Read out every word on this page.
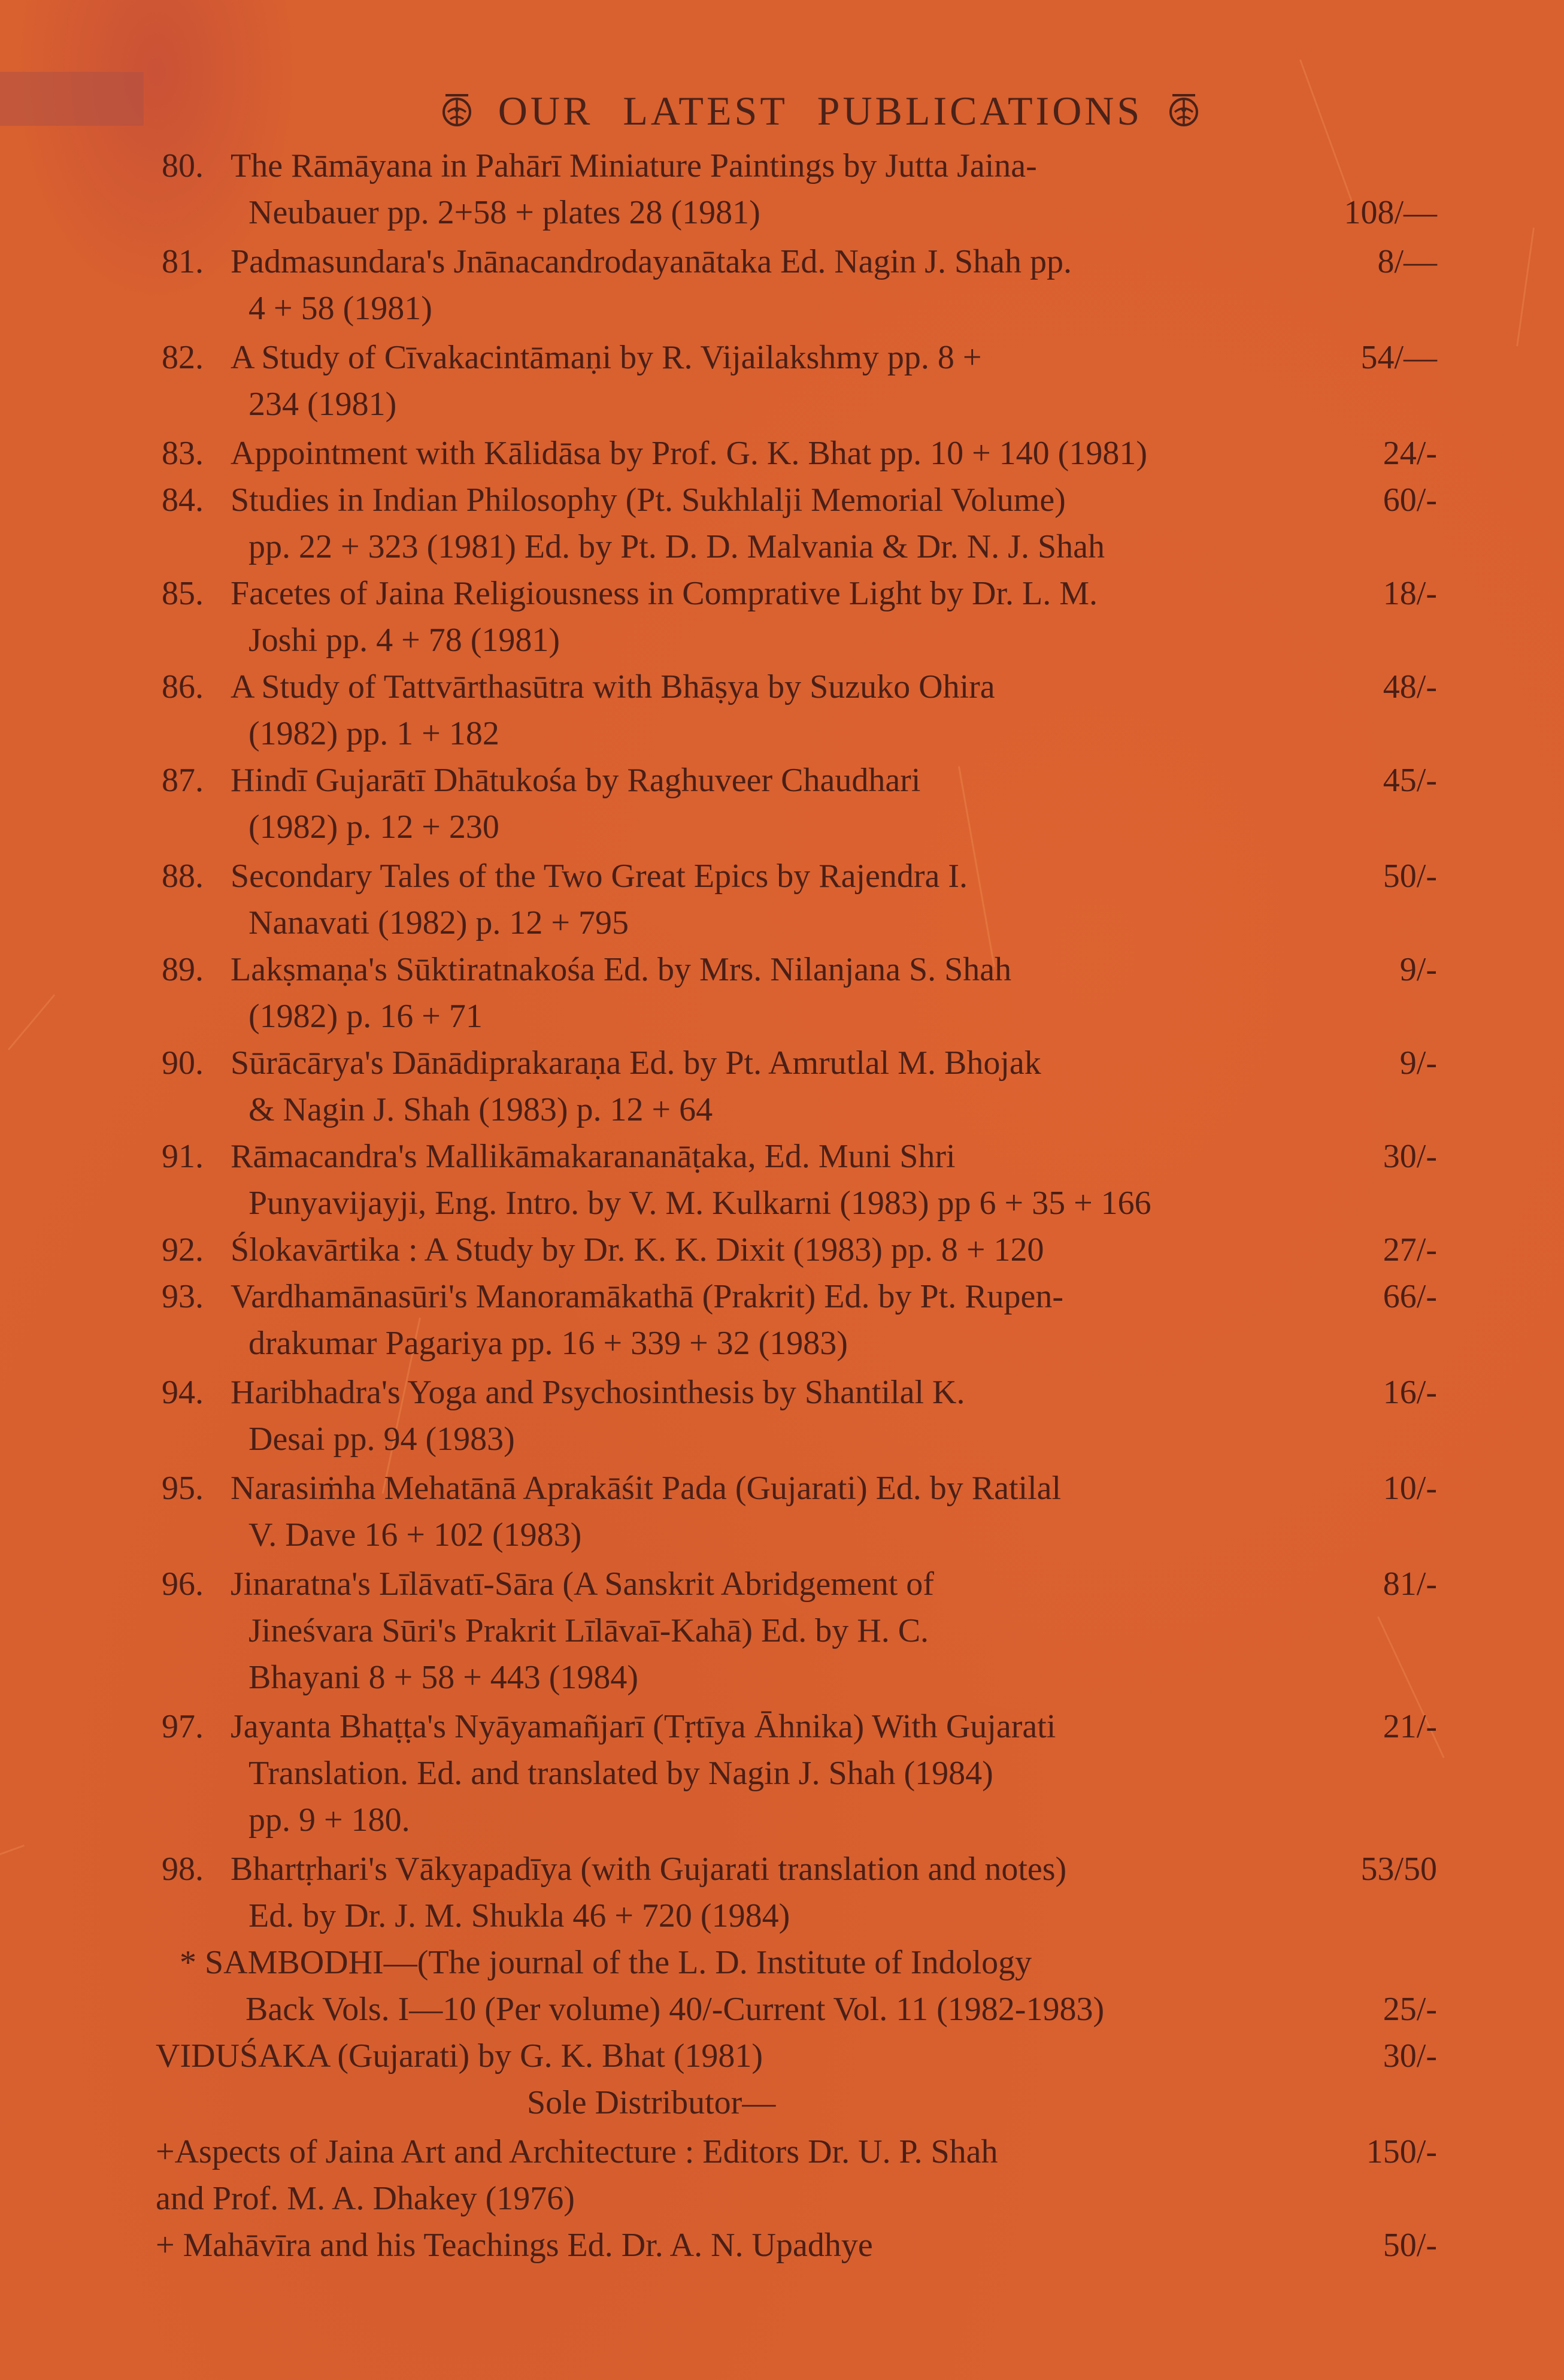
OUR LATEST PUBLICATIONS
80. The Rāmāyana in Pahārī Miniature Paintings by Jutta Jaina-
Neubauer pp. 2+58 + plates 28 (1981)	108/—
81. Padmasundara's Jnānacandrodayanātaka Ed. Nagin J. Shah pp.	8/—
4 + 58 (1981)
82. A Study of Cīvakacintāmaṇi by R. Vijailakshmy pp. 8 +	54/—
234 (1981)
83. Appointment with Kālidāsa by Prof. G. K. Bhat pp. 10 + 140 (1981)	24/-
84. Studies in Indian Philosophy (Pt. Sukhlalji Memorial Volume)	60/-
pp. 22 + 323 (1981) Ed. by Pt. D. D. Malvania & Dr. N. J. Shah
85. Facetes of Jaina Religiousness in Comprative Light by Dr. L. M.	18/-
Joshi pp. 4 + 78 (1981)
86. A Study of Tattvārthasūtra with Bhāṣya by Suzuko Ohira	48/-
(1982) pp. 1 + 182
87. Hindī Gujarātī Dhātukośa by Raghuveer Chaudhari	45/-
(1982) p. 12 + 230
88. Secondary Tales of the Two Great Epics by Rajendra I.	50/-
Nanavati (1982) p. 12 + 795
89. Lakṣmaṇa's Sūktiratnakośa Ed. by Mrs. Nilanjana S. Shah	9/-
(1982) p. 16 + 71
90. Sūrācārya's Dānādiprakaraṇa Ed. by Pt. Amrutlal M. Bhojak	9/-
& Nagin J. Shah (1983) p. 12 + 64
91. Rāmacandra's Mallikāmakarananāṭaka, Ed. Muni Shri	30/-
Punyavijayji, Eng. Intro. by V. M. Kulkarni (1983) pp 6 + 35 + 166
92. Ślokavārtika : A Study by Dr. K. K. Dixit (1983) pp. 8 + 120	27/-
93. Vardhamānasūri's Manoramākathā (Prakrit) Ed. by Pt. Rupen-	66/-
drakumar Pagariya pp. 16 + 339 + 32 (1983)
94. Haribhadra's Yoga and Psychosinthesis by Shantilal K.	16/-
Desai pp. 94 (1983)
95. Narasiṁha Mehatānā Aprakāśit Pada (Gujarati) Ed. by Ratilal	10/-
V. Dave 16 + 102 (1983)
96. Jinaratna's Līlāvatī-Sāra (A Sanskrit Abridgement of	81/-
Jineśvara Sūri's Prakrit Līlāvaī-Kahā) Ed. by H. C.
Bhayani 8 + 58 + 443 (1984)
97. Jayanta Bhaṭṭa's Nyāyamañjarī (Tṛtīya Āhnika) With Gujarati	21/-
Translation. Ed. and translated by Nagin J. Shah (1984)
pp. 9 + 180.
98. Bhartṛhari's Vākyapadīya (with Gujarati translation and notes)	53/50
Ed. by Dr. J. M. Shukla 46 + 720 (1984)
* SAMBODHI—(The journal of the L. D. Institute of Indology
Back Vols. I—10 (Per volume) 40/-Current Vol. 11 (1982-1983)	25/-
VIDUŚAKA (Gujarati) by G. K. Bhat (1981)	30/-
Sole Distributor—
+Aspects of Jaina Art and Architecture : Editors Dr. U. P. Shah	150/-
and Prof. M. A. Dhakey (1976)
+ Mahāvīra and his Teachings Ed. Dr. A. N. Upadhye	50/-
